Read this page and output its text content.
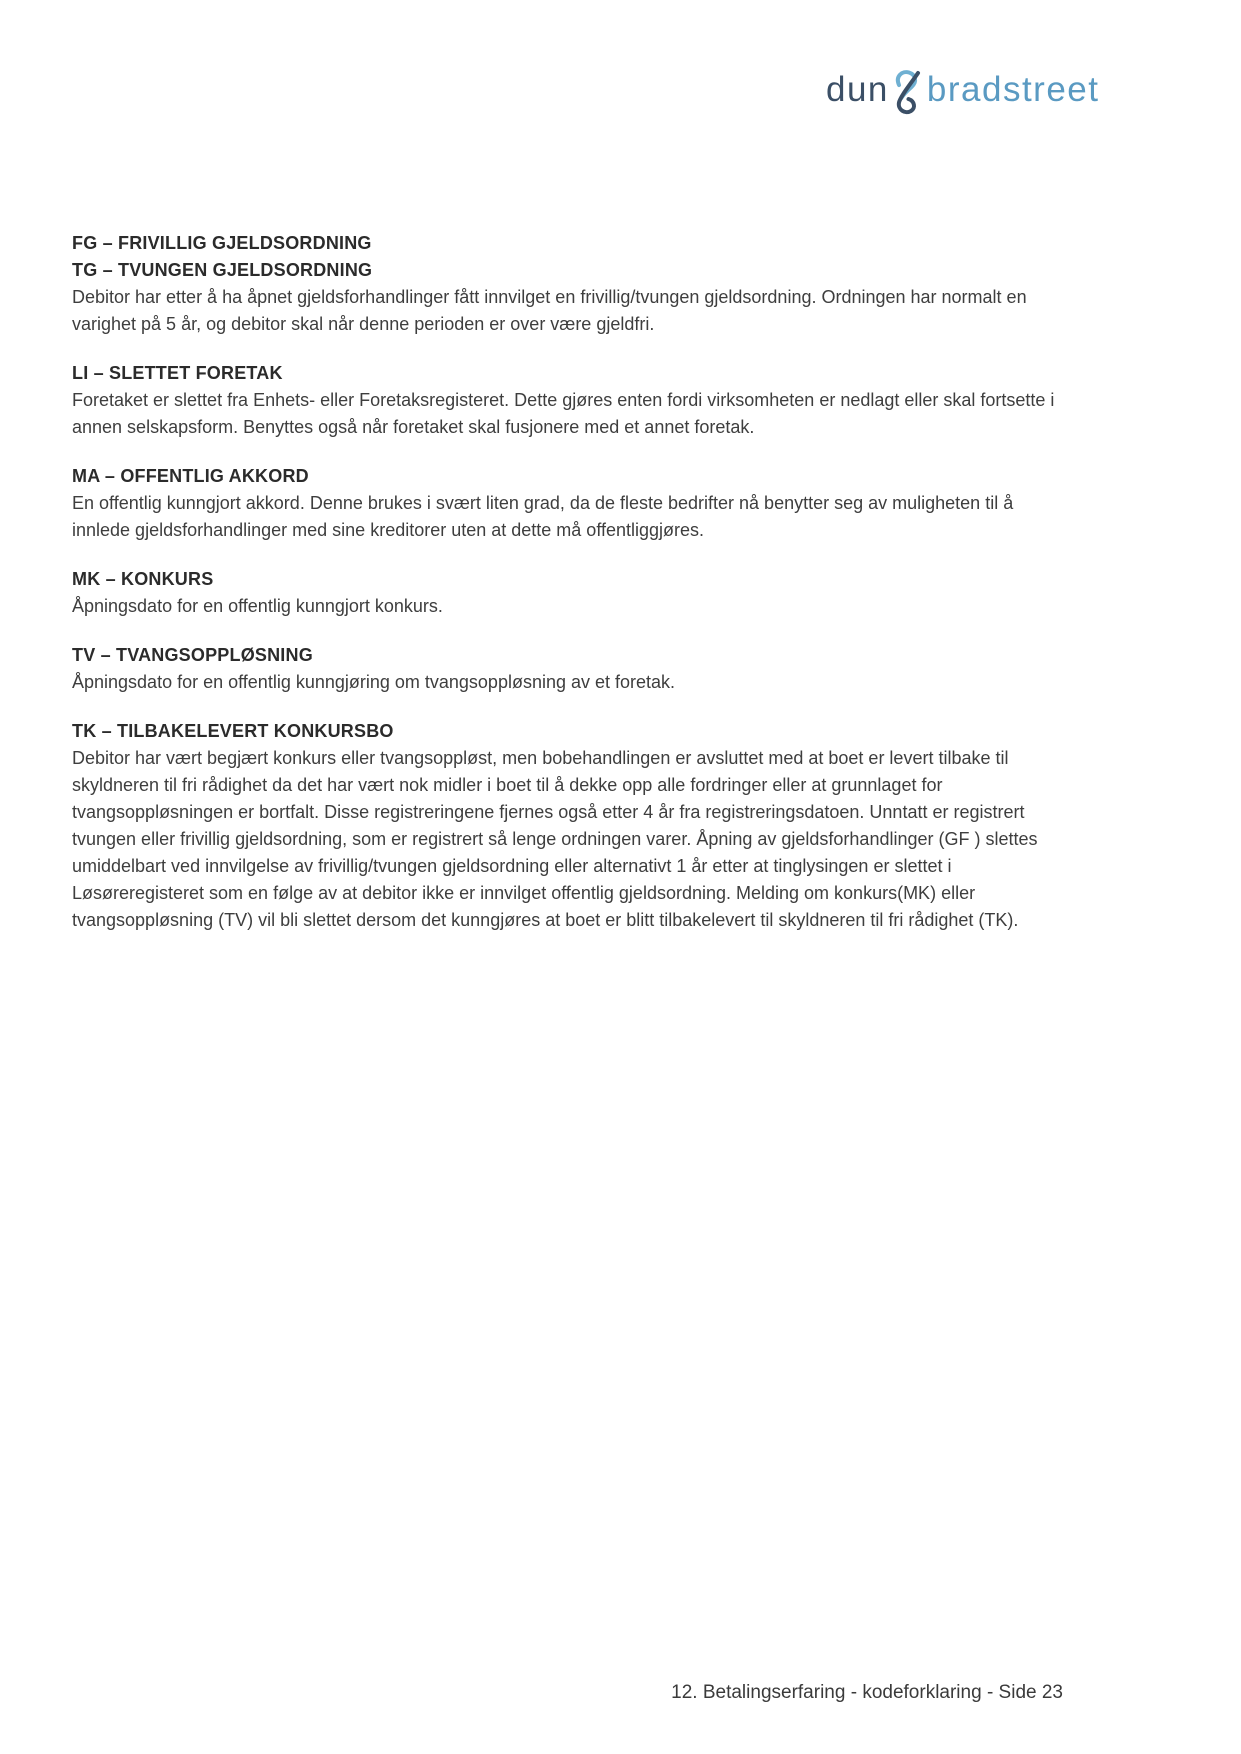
dun bradstreet
FG – FRIVILLIG GJELDSORDNING
TG – TVUNGEN GJELDSORDNING

Debitor har etter å ha åpnet gjeldsforhandlinger fått innvilget en frivillig/tvungen gjeldsordning. Ordningen har normalt en varighet på 5 år, og debitor skal når denne perioden er over være gjeldfri.

LI – SLETTET FORETAK

Foretaket er slettet fra Enhets- eller Foretaksregisteret. Dette gjøres enten fordi virksomheten er nedlagt eller skal fortsette i annen selskapsform. Benyttes også når foretaket skal fusjonere med et annet foretak.

MA – OFFENTLIG AKKORD

En offentlig kunngjort akkord. Denne brukes i svært liten grad, da de fleste bedrifter nå benytter seg av muligheten til å innlede gjeldsforhandlinger med sine kreditorer uten at dette må offentliggjøres.

MK – KONKURS

Åpningsdato for en offentlig kunngjort konkurs.

TV – TVANGSOPPLØSNING

Åpningsdato for en offentlig kunngjøring om tvangsoppløsning av et foretak.

TK – TILBAKELEVERT KONKURSBO

Debitor har vært begjært konkurs eller tvangsoppløst, men bobehandlingen er avsluttet med at boet er levert tilbake til skyldneren til fri rådighet da det har vært nok midler i boet til å dekke opp alle fordringer eller at grunnlaget for tvangsoppløsningen er bortfalt. Disse registreringene fjernes også etter 4 år fra registreringsdatoen. Unntatt er registrert tvungen eller frivillig gjeldsordning, som er registrert så lenge ordningen varer. Åpning av gjeldsforhandlinger (GF ) slettes umiddelbart ved innvilgelse av frivillig/tvungen gjeldsordning eller alternativt 1 år etter at tinglysingen er slettet i Løsøreregisteret som en følge av at debitor ikke er innvilget offentlig gjeldsordning. Melding om konkurs(MK) eller tvangsoppløsning (TV) vil bli slettet dersom det kunngjøres at boet er blitt tilbakelevert til skyldneren til fri rådighet (TK).

12. Betalingserfaring - kodeforklaring - Side 23
